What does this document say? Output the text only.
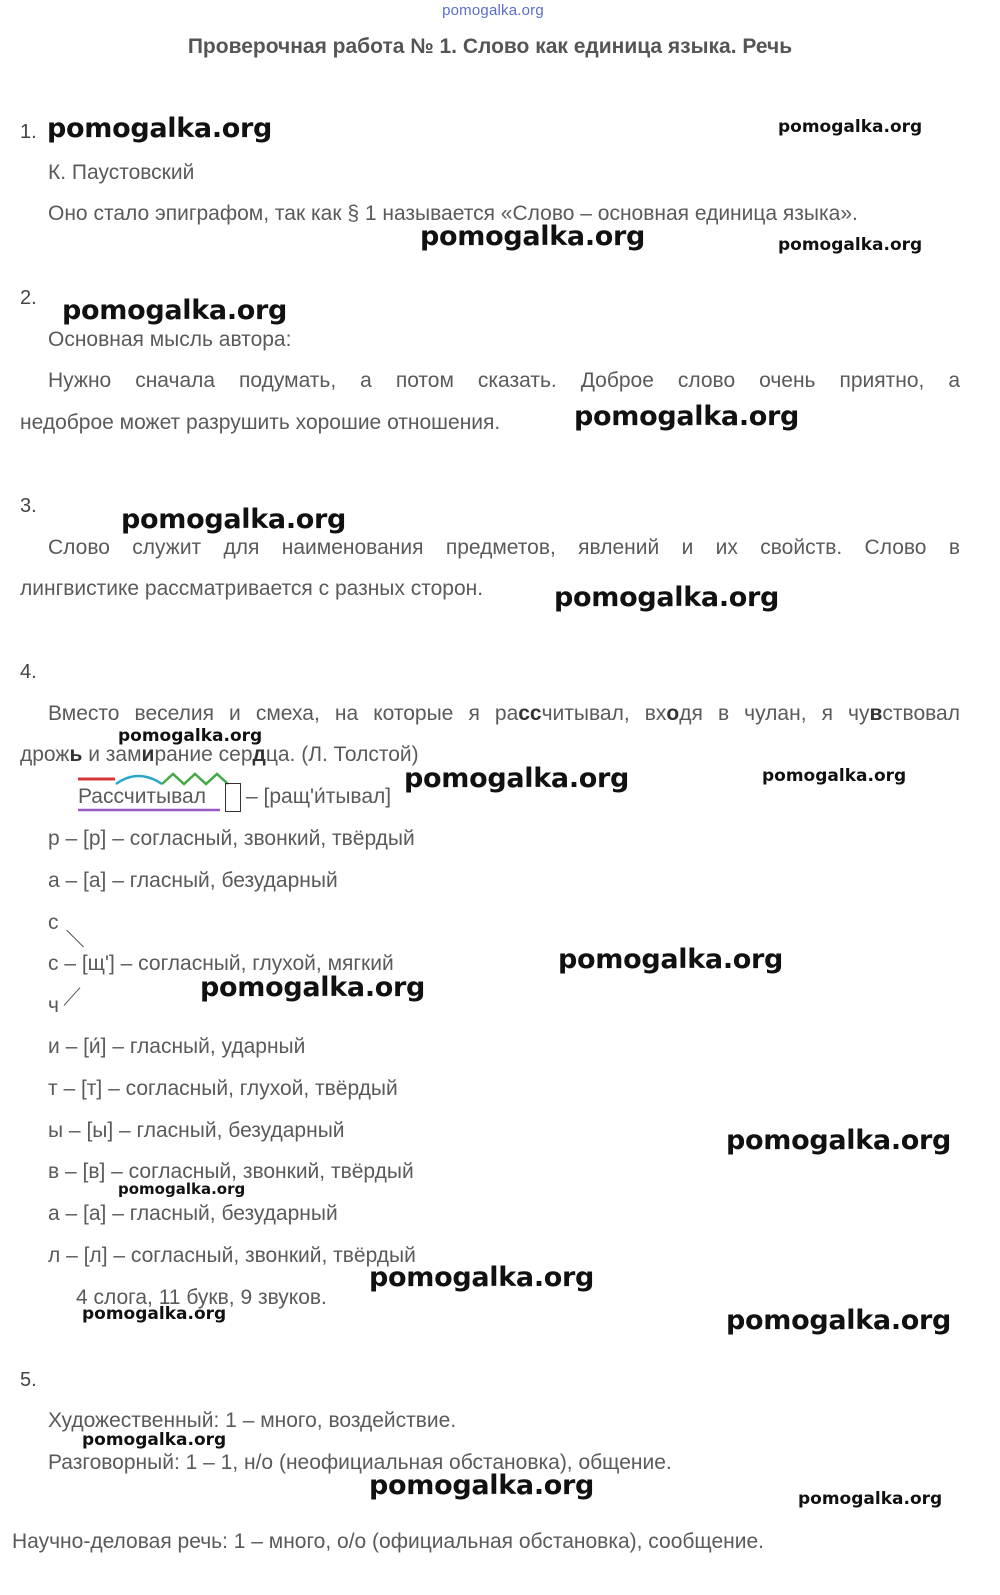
pomogalka.org
Проверочная работа № 1. Слово как единица языка. Речь
1.
К. Паустовский
Оно стало эпиграфом, так как § 1 называется «Слово – основная единица языка».
2.
Основная мысль автора:
Нужно сначала подумать, а потом сказать. Доброе слово очень приятно, а
недоброе может разрушить хорошие отношения.
3.
Слово служит для наименования предметов, явлений и их свойств. Слово в
лингвистике рассматривается с разных сторон.
4.
Вместо веселия и смеха, на которые я рассчитывал, входя в чулан, я чувствовал
дрожь и замирание сердца. (Л. Толстой)
Рассчитывал – [ращ'и́тывал]
р – [р] – согласный, звонкий, твёрдый
а – [а] – гласный, безударный
с
с – [щ'] – согласный, глухой, мягкий
ч
и – [и́] – гласный, ударный
т – [т] – согласный, глухой, твёрдый
ы – [ы] – гласный, безударный
в – [в] – согласный, звонкий, твёрдый
а – [а] – гласный, безударный
л – [л] – согласный, звонкий, твёрдый
4 слога, 11 букв, 9 звуков.
5.
Художественный: 1 – много, воздействие.
Разговорный: 1 – 1, н/о (неофициальная обстановка), общение.
Научно-деловая речь: 1 – много, о/о (официальная обстановка), сообщение.
pomogalka.org	pomogalka.org
pomogalka.org	pomogalka.org
pomogalka.org
pomogalka.org
pomogalka.org
pomogalka.org
pomogalka.org
pomogalka.org	pomogalka.org
pomogalka.org
pomogalka.org
pomogalka.org
pomogalka.org
pomogalka.org
pomogalka.org	pomogalka.org
pomogalka.org
pomogalka.org	pomogalka.org
